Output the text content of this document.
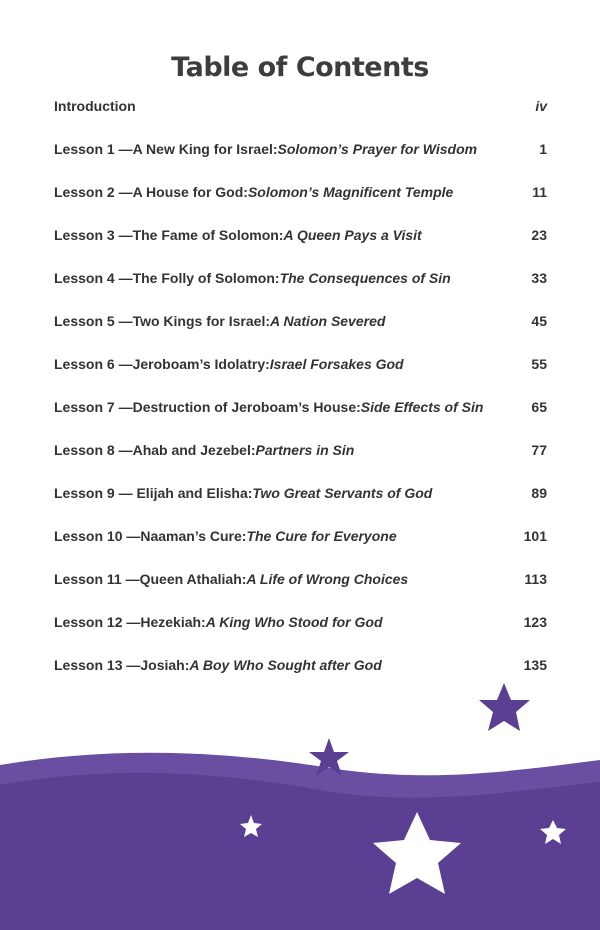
Table of Contents
Introduction	iv
Lesson 1 —A New King for Israel: Solomon’s Prayer for Wisdom	1
Lesson 2 —A House for God: Solomon’s Magnificent Temple	11
Lesson 3 —The Fame of Solomon: A Queen Pays a Visit	23
Lesson 4 —The Folly of Solomon: The Consequences of Sin	33
Lesson 5 —Two Kings for Israel: A Nation Severed	45
Lesson 6 —Jeroboam’s Idolatry: Israel Forsakes God	55
Lesson 7 —Destruction of Jeroboam’s House: Side Effects of Sin	65
Lesson 8 —Ahab and Jezebel: Partners in Sin	77
Lesson 9 — Elijah and Elisha: Two Great Servants of God	89
Lesson 10 —Naaman’s Cure: The Cure for Everyone	101
Lesson 11 —Queen Athaliah: A Life of Wrong Choices	113
Lesson 12 —Hezekiah: A King Who Stood for God	123
Lesson 13 —Josiah: A Boy Who Sought after God	135
